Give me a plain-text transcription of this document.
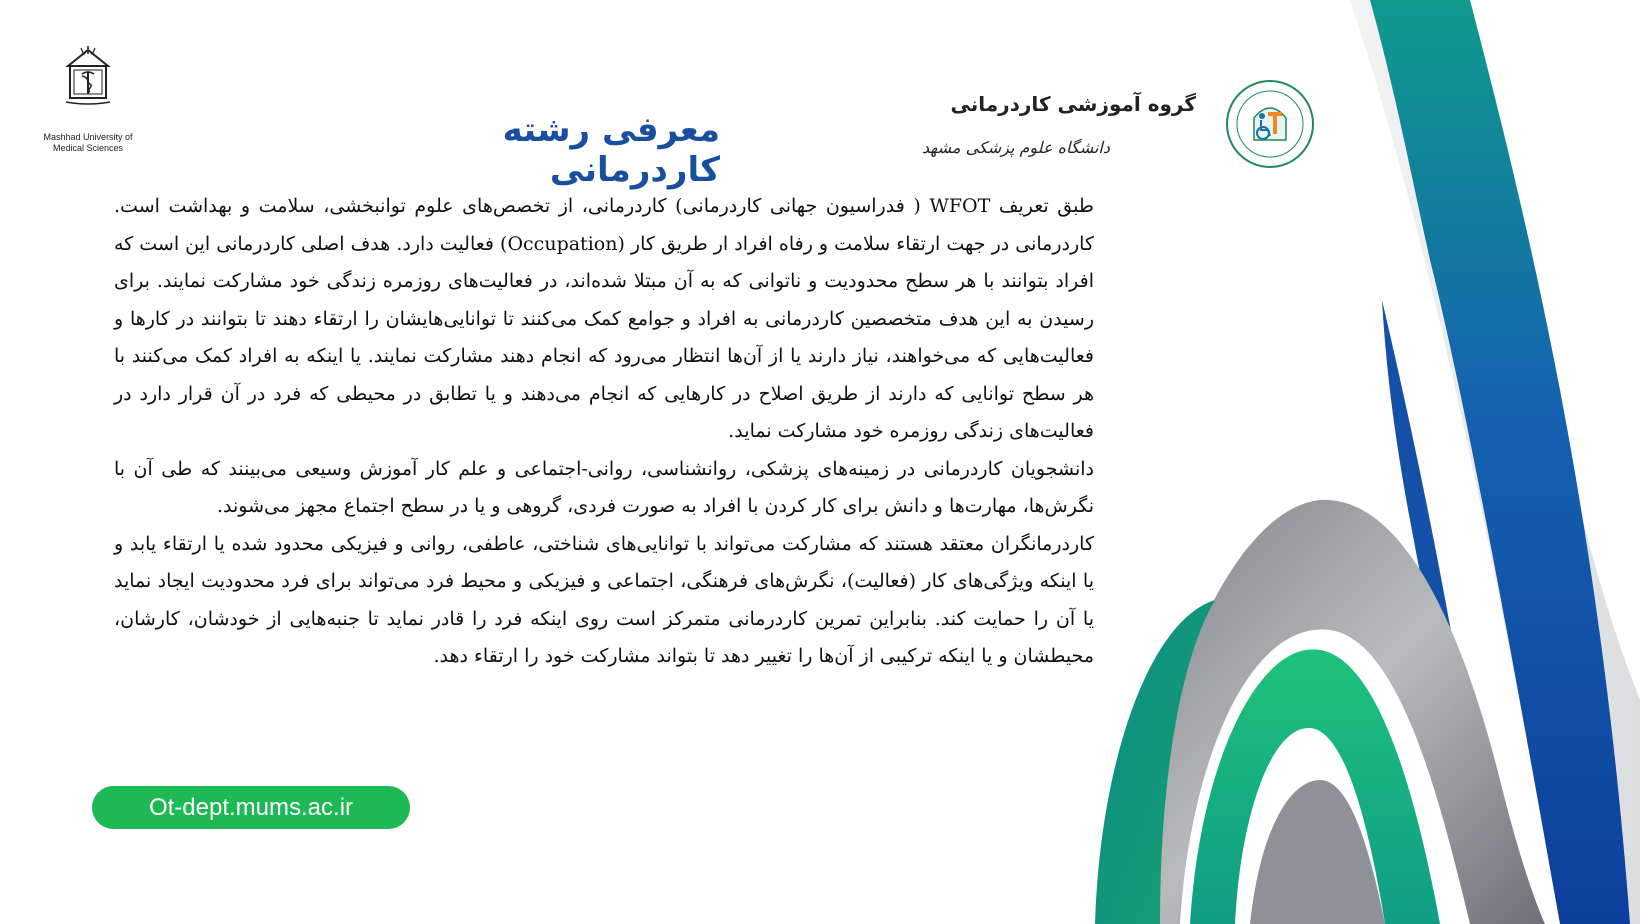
Mashhad University of
Medical Sciences	معرفی رشته کاردرمانی
گروه آموزشی کاردرمانی
دانشگاه علوم پزشکی مشهد

طبق تعریف WFOT ( فدراسیون جهانی کاردرمانی) کاردرمانی، از تخصص‌های علوم توانبخشی، سلامت و بهداشت است. کاردرمانی در جهت ارتقاء سلامت و رفاه افراد ار طریق کار (Occupation) فعالیت دارد. هدف اصلی کاردرمانی این است که افراد بتوانند با هر سطح محدودیت و ناتوانی که به آن مبتلا شده‌اند، در فعالیت‌های روزمره زندگی خود مشارکت نمایند. برای رسیدن به این هدف متخصصین کاردرمانی به افراد و جوامع کمک می‌کنند تا توانایی‌هایشان را ارتقاء دهند تا بتوانند در کارها و فعالیت‌هایی که می‌خواهند، نیاز دارند یا از آن‌ها انتظار می‌رود که انجام دهند مشارکت نمایند. یا اینکه به افراد کمک می‌کنند با هر سطح توانایی که دارند از طریق اصلاح در کارهایی که انجام می‌دهند و یا تطابق در محیطی که فرد در آن قرار دارد در فعالیت‌های زندگی روزمره خود مشارکت نماید.

دانشجویان کاردرمانی در زمینه‌های پزشکی، روانشناسی، روانی-اجتماعی و علم کار آموزش وسیعی می‌بینند که طی آن با نگرش‌ها، مهارت‌ها و دانش برای کار کردن با افراد به صورت فردی، گروهی و یا در سطح اجتماع مجهز می‌شوند.

کاردرمانگران معتقد هستند که مشارکت می‌تواند با توانایی‌های شناختی، عاطفی، روانی و فیزیکی محدود شده یا ارتقاء یابد و یا اینکه ویژگی‌های کار (فعالیت)، نگرش‌های فرهنگی، اجتماعی و فیزیکی و محیط فرد می‌تواند برای فرد محدودیت ایجاد نماید یا آن را حمایت کند. بنابراین تمرین کاردرمانی متمرکز است روی اینکه فرد را قادر نماید تا جنبه‌هایی از خودشان، کارشان، محیطشان و یا اینکه ترکیبی از آن‌ها را تغییر دهد تا بتواند مشارکت خود را ارتقاء دهد.

Ot-dept.mums.ac.ir
